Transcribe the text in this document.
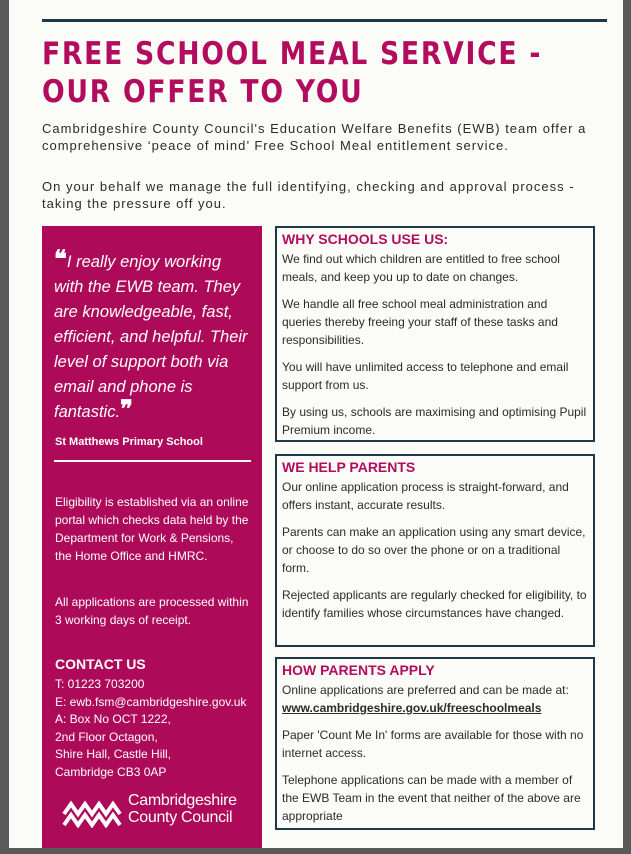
FREE SCHOOL MEAL SERVICE -
OUR OFFER TO YOU

Cambridgeshire County Council's Education Welfare Benefits (EWB) team offer a comprehensive ‘peace of mind’ Free School Meal entitlement service.

On your behalf we manage the full identifying, checking and approval process - taking the pressure off you.

❝I really enjoy working with the EWB team. They are knowledgeable, fast, efficient, and helpful. Their level of support both via email and phone is fantastic.❞

St Matthews Primary School

Eligibility is established via an online portal which checks data held by the Department for Work & Pensions, the Home Office and HMRC.

All applications are processed within 3 working days of receipt.

CONTACT US
T: 01223 703200
E: ewb.fsm@cambridgeshire.gov.uk
A: Box No OCT 1222,
2nd Floor Octagon,
Shire Hall, Castle Hill,
Cambridge CB3 0AP
Cambridgeshire
County Council
WHY SCHOOLS USE US:

We find out which children are entitled to free school meals, and keep you up to date on changes.

We handle all free school meal administration and queries thereby freeing your staff of these tasks and responsibilities.

You will have unlimited access to telephone and email support from us.

By using us, schools are maximising and optimising Pupil Premium income.

WE HELP PARENTS

Our online application process is straight-forward, and offers instant, accurate results.

Parents can make an application using any smart device, or choose to do so over the phone or on a traditional form.

Rejected applicants are regularly checked for eligibility, to identify families whose circumstances have changed.

HOW PARENTS APPLY

Online applications are preferred and can be made at: www.cambridgeshire.gov.uk/freeschoolmeals

Paper 'Count Me In' forms are available for those with no internet access.

Telephone applications can be made with a member of the EWB Team in the event that neither of the above are appropriate
